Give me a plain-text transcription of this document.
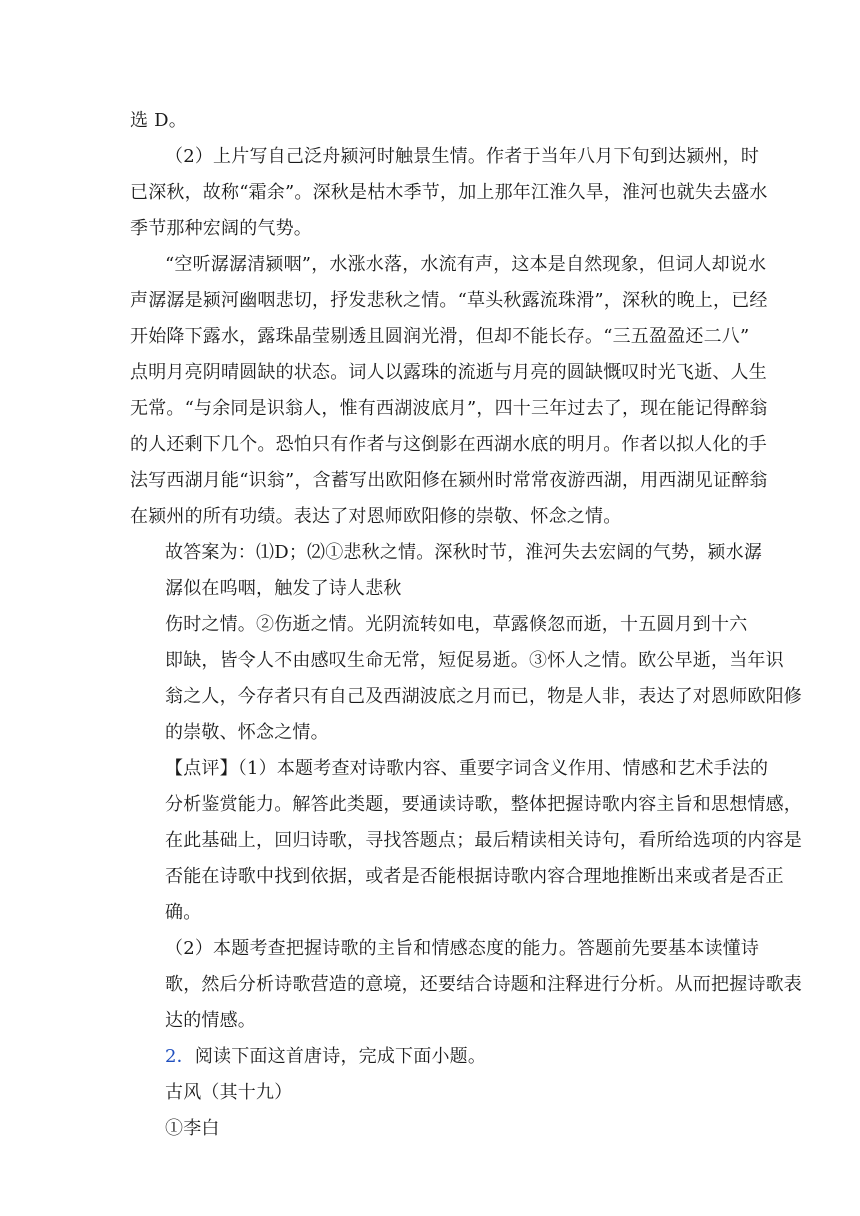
选 D。
（2）上片写自己泛舟颍河时触景生情。作者于当年八月下旬到达颍州，时
已深秋，故称“霜余”。深秋是枯木季节，加上那年江淮久旱，淮河也就失去盛水
季节那种宏阔的气势。
“空听潺潺清颍咽”，水涨水落，水流有声，这本是自然现象，但词人却说水
声潺潺是颍河幽咽悲切，抒发悲秋之情。“草头秋露流珠滑”，深秋的晚上，已经
开始降下露水，露珠晶莹剔透且圆润光滑，但却不能长存。“三五盈盈还二八”
点明月亮阴晴圆缺的状态。词人以露珠的流逝与月亮的圆缺慨叹时光飞逝、人生
无常。“与余同是识翁人，惟有西湖波底月”，四十三年过去了，现在能记得醉翁
的人还剩下几个。恐怕只有作者与这倒影在西湖水底的明月。作者以拟人化的手
法写西湖月能“识翁”，含蓄写出欧阳修在颍州时常常夜游西湖，用西湖见证醉翁
在颍州的所有功绩。表达了对恩师欧阳修的崇敬、怀念之情。
故答案为：⑴D；⑵①悲秋之情。深秋时节，淮河失去宏阔的气势，颍水潺
潺似在呜咽，触发了诗人悲秋
伤时之情。②伤逝之情。光阴流转如电，草露倏忽而逝，十五圆月到十六
即缺，皆令人不由感叹生命无常，短促易逝。③怀人之情。欧公早逝，当年识
翁之人，今存者只有自己及西湖波底之月而已，物是人非，表达了对恩师欧阳修
的崇敬、怀念之情。
【点评】（1）本题考查对诗歌内容、重要字词含义作用、情感和艺术手法的
分析鉴赏能力。解答此类题，要通读诗歌，整体把握诗歌内容主旨和思想情感，
在此基础上，回归诗歌，寻找答题点；最后精读相关诗句，看所给选项的内容是
否能在诗歌中找到依据，或者是否能根据诗歌内容合理地推断出来或者是否正
确。
（2）本题考查把握诗歌的主旨和情感态度的能力。答题前先要基本读懂诗
歌，然后分析诗歌营造的意境，还要结合诗题和注释进行分析。从而把握诗歌表
达的情感。
2．阅读下面这首唐诗，完成下面小题。
古风（其十九）
①李白
